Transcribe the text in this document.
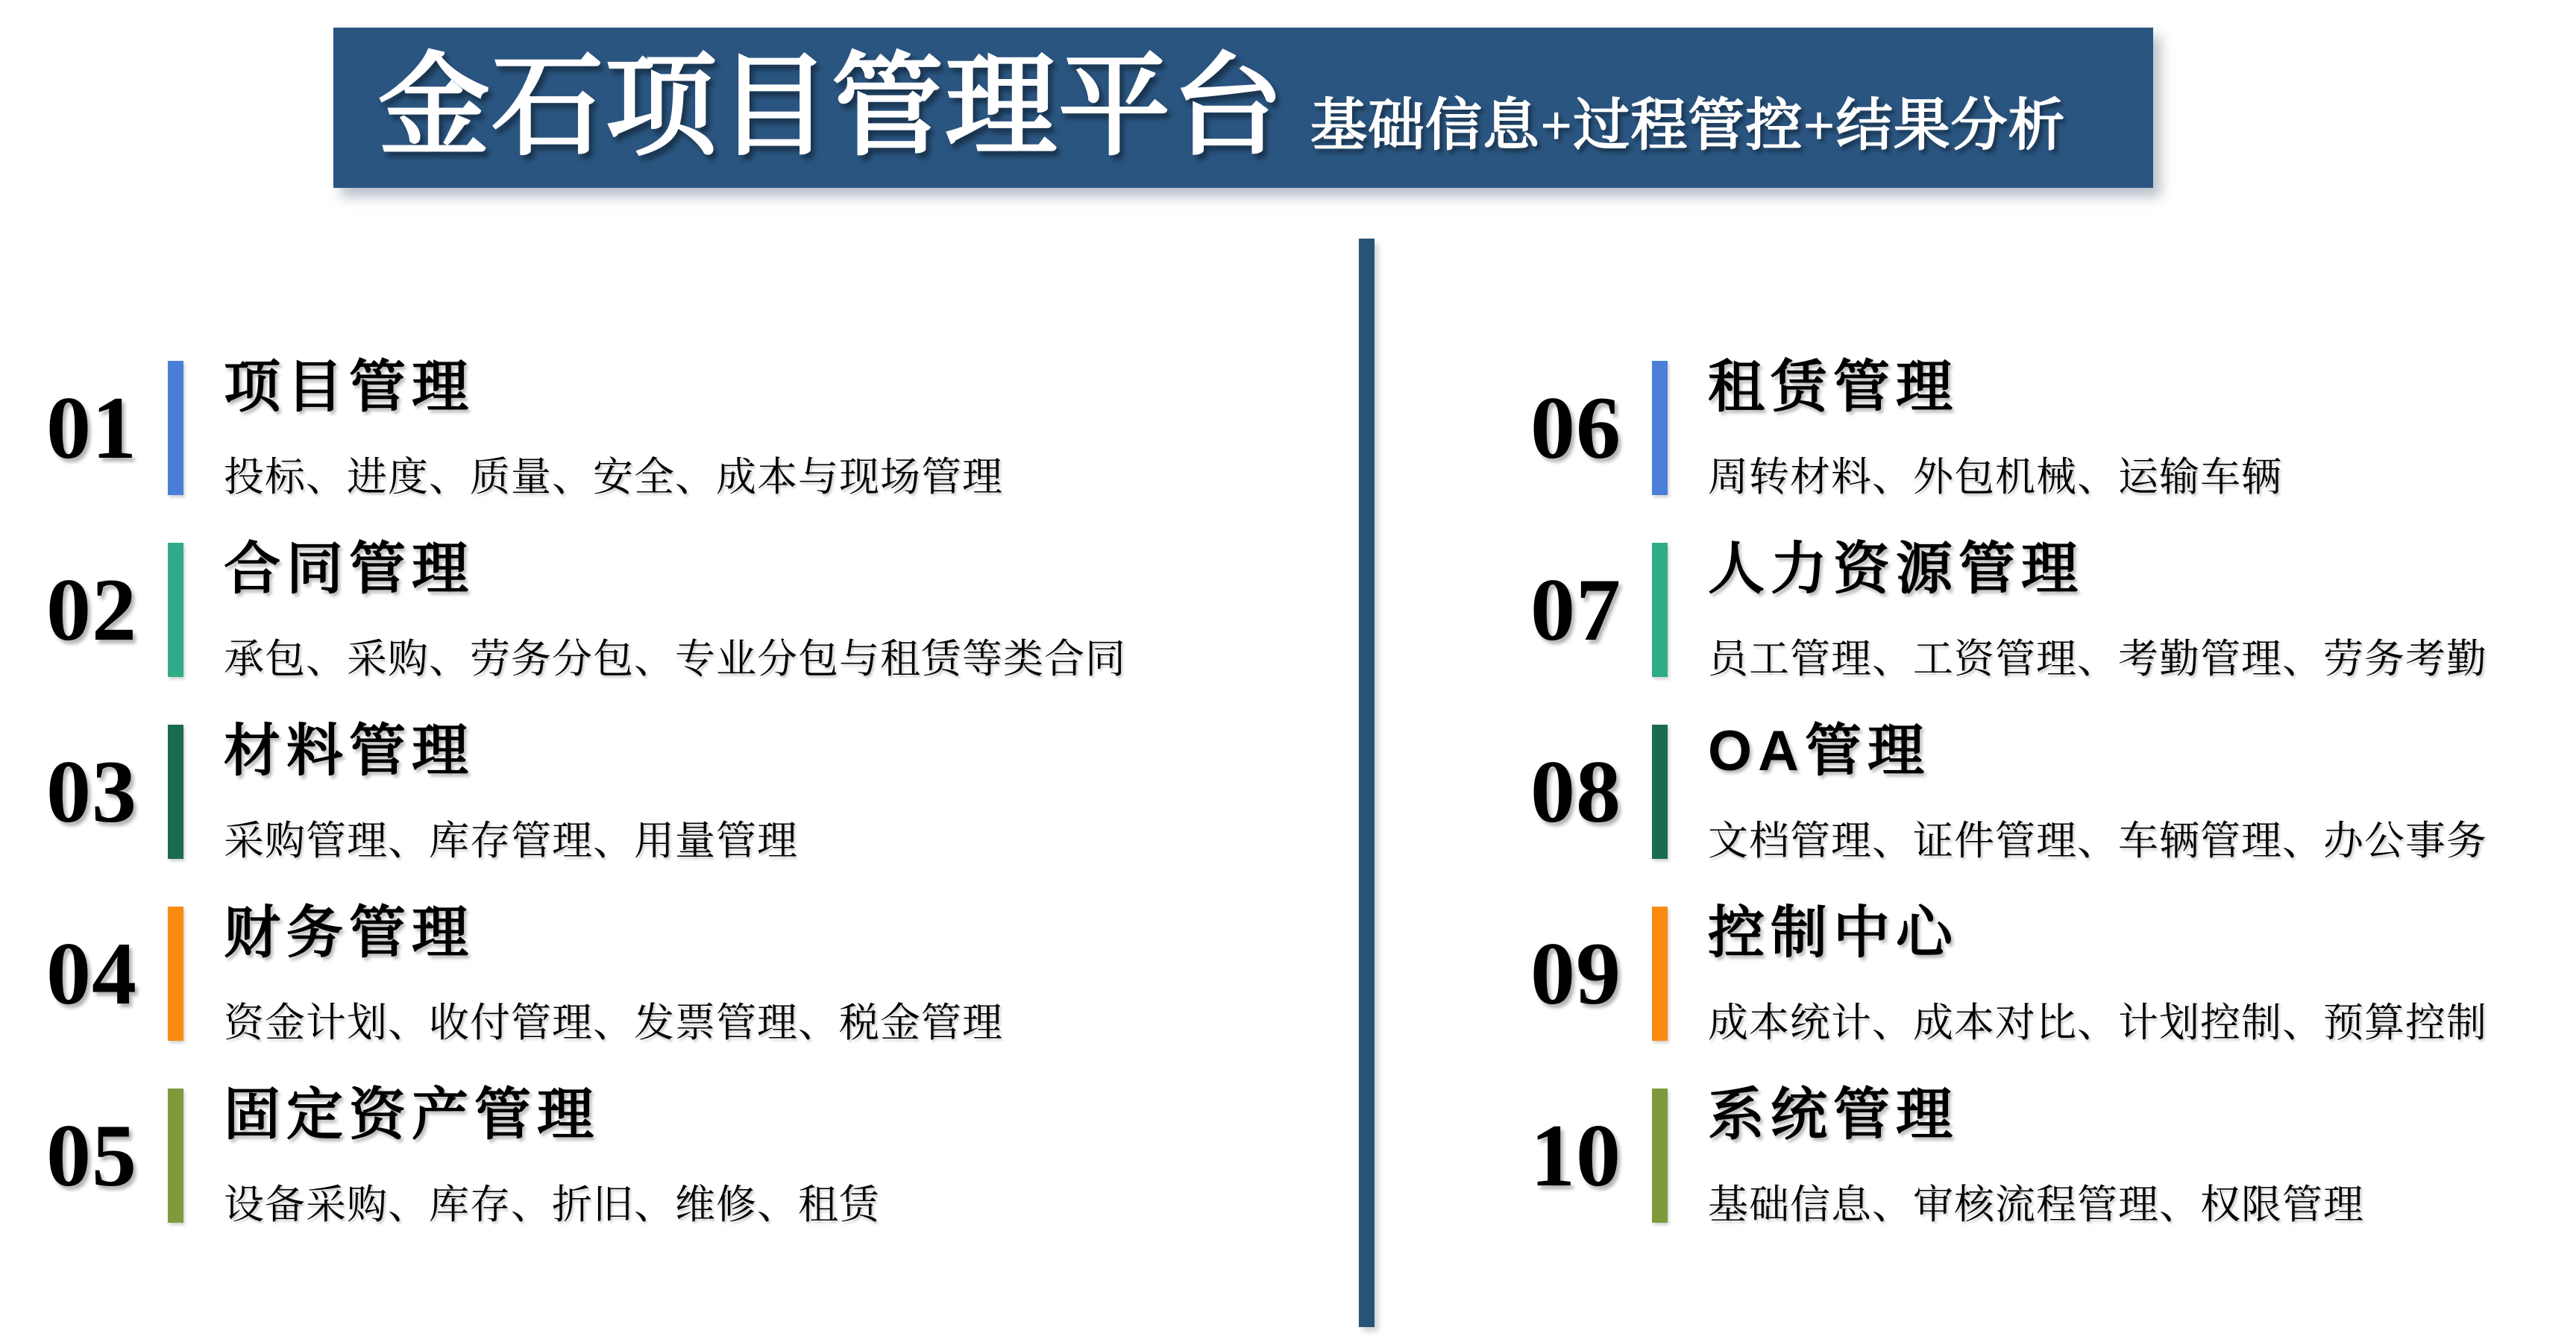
金石项目管理平台 基础信息+过程管控+结果分析
01	项目管理
投标、进度、质量、安全、成本与现场管理
02	合同管理
承包、采购、劳务分包、专业分包与租赁等类合同
03	材料管理
采购管理、库存管理、用量管理
04	财务管理
资金计划、收付管理、发票管理、税金管理
05	固定资产管理
设备采购、库存、折旧、维修、租赁
06	租赁管理
周转材料、外包机械、运输车辆
07	人力资源管理
员工管理、工资管理、考勤管理、劳务考勤
08	OA管理
文档管理、证件管理、车辆管理、办公事务
09	控制中心
成本统计、成本对比、计划控制、预算控制
10	系统管理
基础信息、审核流程管理、权限管理
